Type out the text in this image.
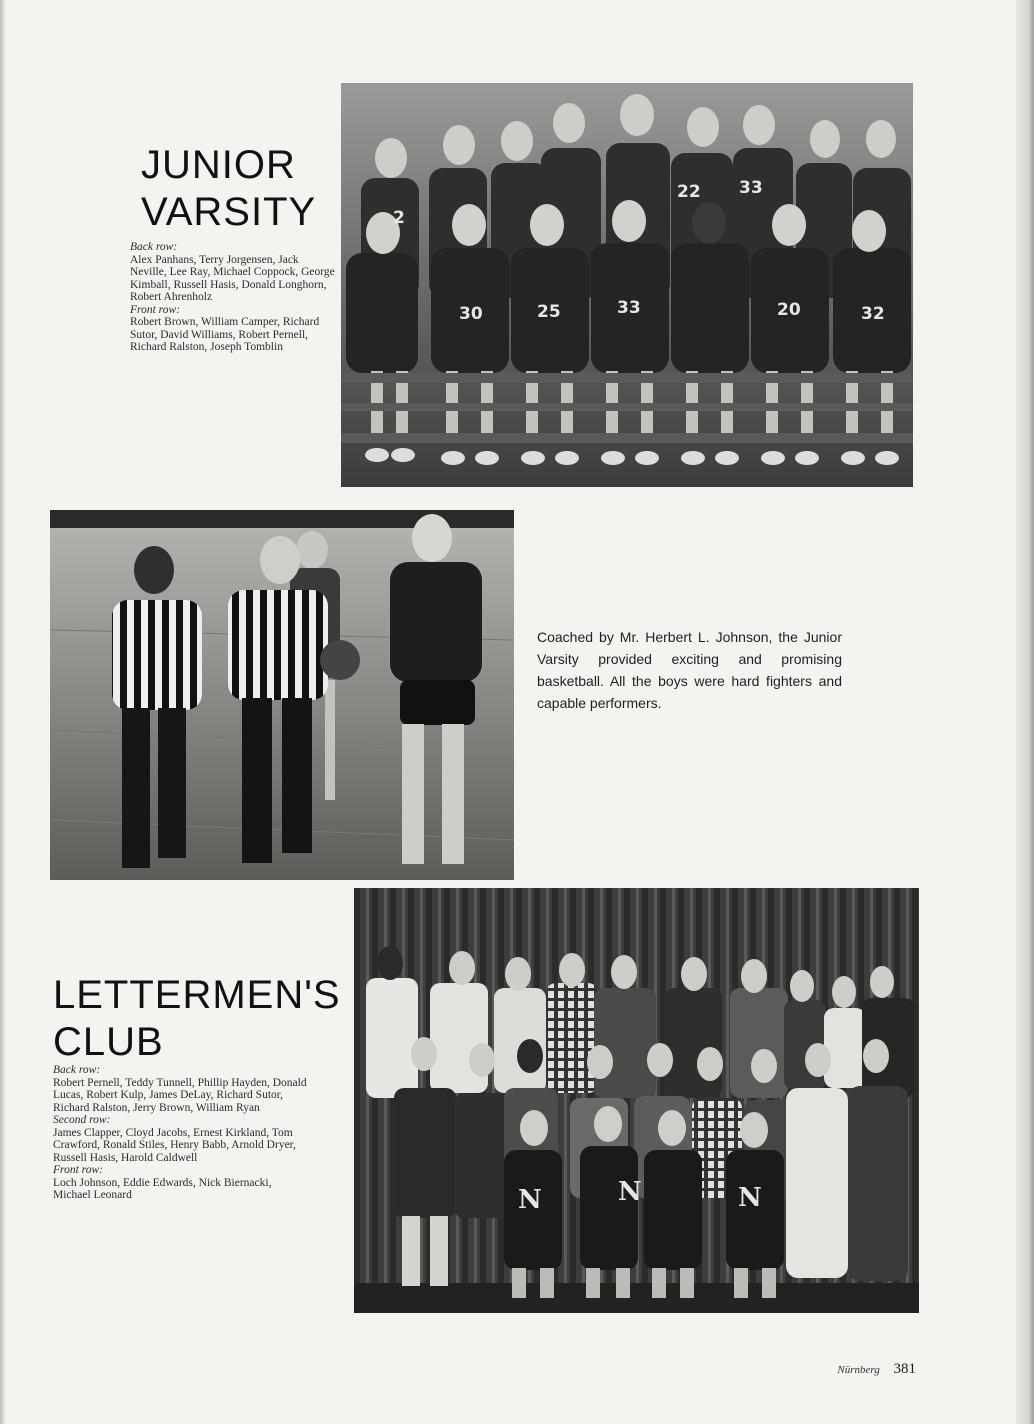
2
22 33
30	25	33	20	32
JUNIOR
VARSITY
Back row:
Alex Panhans, Terry Jorgensen, Jack Neville, Lee Ray, Michael Coppock, George Kimball, Russell Hasis, Donald Longhorn, Robert Ahrenholz
Front row:
Robert Brown, William Camper, Richard Sutor, David Williams, Robert Pernell, Richard Ralston, Joseph Tomblin

Coached by Mr. Herbert L. Johnson, the Junior Varsity provided exciting and promising basketball. All the boys were hard fighters and capable performers.

N	N	N
LETTERMEN'S
CLUB
Back row:
Robert Pernell, Teddy Tunnell, Phillip Hayden, Donald Lucas, Robert Kulp, James DeLay, Richard Sutor, Richard Ralston, Jerry Brown, William Ryan
Second row:
James Clapper, Cloyd Jacobs, Ernest Kirkland, Tom Crawford, Ronald Stiles, Henry Babb, Arnold Dryer, Russell Hasis, Harold Caldwell
Front row:
Loch Johnson, Eddie Edwards, Nick Biernacki, Michael Leonard
Nürnberg 381
